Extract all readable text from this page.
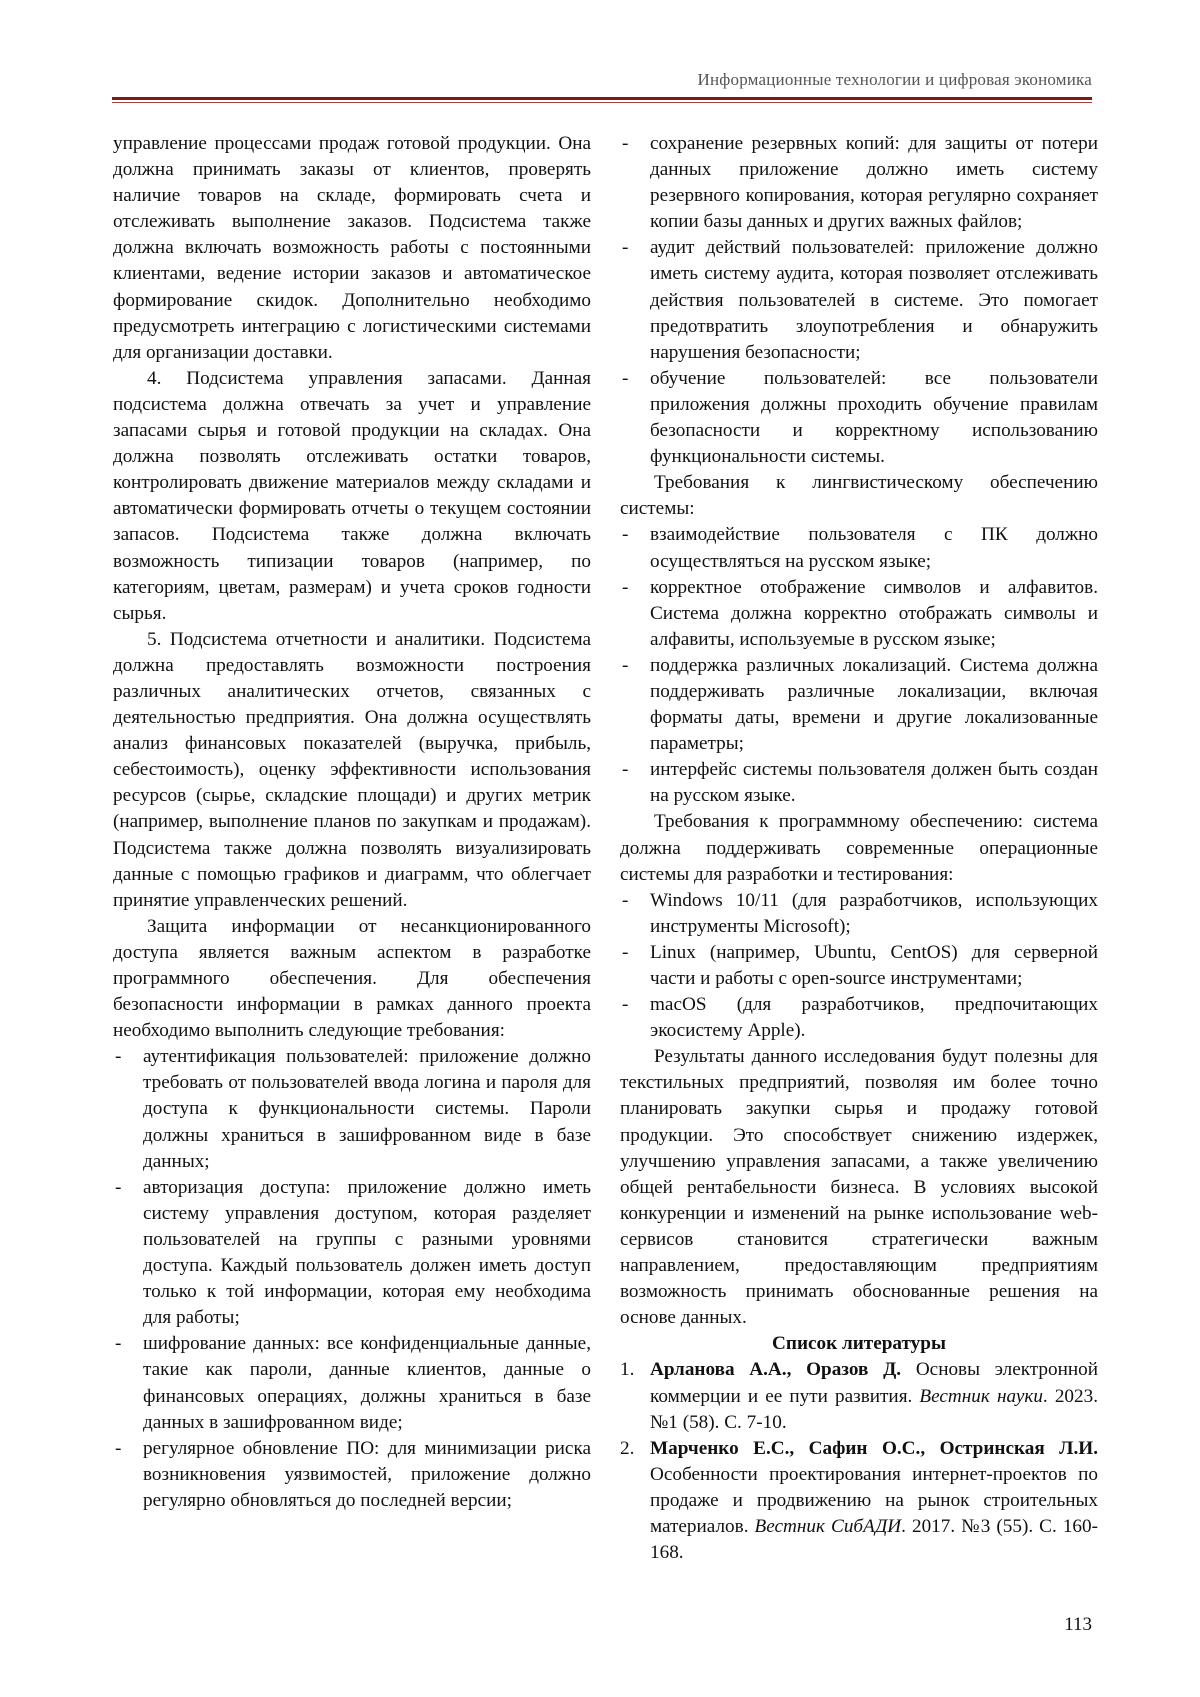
Информационные технологии и цифровая экономика

управление процессами продаж готовой продукции. Она должна принимать заказы от клиентов, проверять наличие товаров на складе, формировать счета и отслеживать выполнение заказов. Подсистема также должна включать возможность работы с постоянными клиентами, ведение истории заказов и автоматическое формирование скидок. Дополнительно необходимо предусмотреть интеграцию с логистическими системами для организации доставки.

4. Подсистема управления запасами. Данная подсистема должна отвечать за учет и управление запасами сырья и готовой продукции на складах. Она должна позволять отслеживать остатки товаров, контролировать движение материалов между складами и автоматически формировать отчеты о текущем состоянии запасов. Подсистема также должна включать возможность типизации товаров (например, по категориям, цветам, размерам) и учета сроков годности сырья.

5. Подсистема отчетности и аналитики. Подсистема должна предоставлять возможности построения различных аналитических отчетов, связанных с деятельностью предприятия. Она должна осуществлять анализ финансовых показателей (выручка, прибыль, себестоимость), оценку эффективности использования ресурсов (сырье, складские площади) и других метрик (например, выполнение планов по закупкам и продажам). Подсистема также должна позволять визуализировать данные с помощью графиков и диаграмм, что облегчает принятие управленческих решений.

Защита информации от несанкционированного доступа является важным аспектом в разработке программного обеспечения. Для обеспечения безопасности информации в рамках данного проекта необходимо выполнить следующие требования:

- аутентификация пользователей: приложение должно требовать от пользователей ввода логина и пароля для доступа к функциональности системы. Пароли должны храниться в зашифрованном виде в базе данных;
- авторизация доступа: приложение должно иметь систему управления доступом, которая разделяет пользователей на группы с разными уровнями доступа. Каждый пользователь должен иметь доступ только к той информации, которая ему необходима для работы;
- шифрование данных: все конфиденциальные данные, такие как пароли, данные клиентов, данные о финансовых операциях, должны храниться в базе данных в зашифрованном виде;
- регулярное обновление ПО: для минимизации риска возникновения уязвимостей, приложение должно регулярно обновляться до последней версии;
- сохранение резервных копий: для защиты от потери данных приложение должно иметь систему резервного копирования, которая регулярно сохраняет копии базы данных и других важных файлов;
- аудит действий пользователей: приложение должно иметь систему аудита, которая позволяет отслеживать действия пользователей в системе. Это помогает предотвратить злоупотребления и обнаружить нарушения безопасности;
- обучение пользователей: все пользователи приложения должны проходить обучение правилам безопасности и корректному использованию функциональности системы.

Требования к лингвистическому обеспечению системы:

- взаимодействие пользователя с ПК должно осуществляться на русском языке;
- корректное отображение символов и алфавитов. Система должна корректно отображать символы и алфавиты, используемые в русском языке;
- поддержка различных локализаций. Система должна поддерживать различные локализации, включая форматы даты, времени и другие локализованные параметры;
- интерфейс системы пользователя должен быть создан на русском языке.

Требования к программному обеспечению: система должна поддерживать современные операционные системы для разработки и тестирования:

- Windows 10/11 (для разработчиков, использующих инструменты Microsoft);
- Linux (например, Ubuntu, CentOS) для серверной части и работы с open-source инструментами;
- macOS (для разработчиков, предпочитающих экосистему Apple).

Результаты данного исследования будут полезны для текстильных предприятий, позволяя им более точно планировать закупки сырья и продажу готовой продукции. Это способствует снижению издержек, улучшению управления запасами, а также увеличению общей рентабельности бизнеса. В условиях высокой конкуренции и изменений на рынке использование web-сервисов становится стратегически важным направлением, предоставляющим предприятиям возможность принимать обоснованные решения на основе данных.

Список литературы

1. Арланова А.А., Оразов Д. Основы электронной коммерции и ее пути развития. Вестник науки. 2023. №1 (58). С. 7-10.
2. Марченко Е.С., Сафин О.С., Остринская Л.И. Особенности проектирования интернет-проектов по продаже и продвижению на рынок строительных материалов. Вестник СибАДИ. 2017. №3 (55). С. 160-168.
113
